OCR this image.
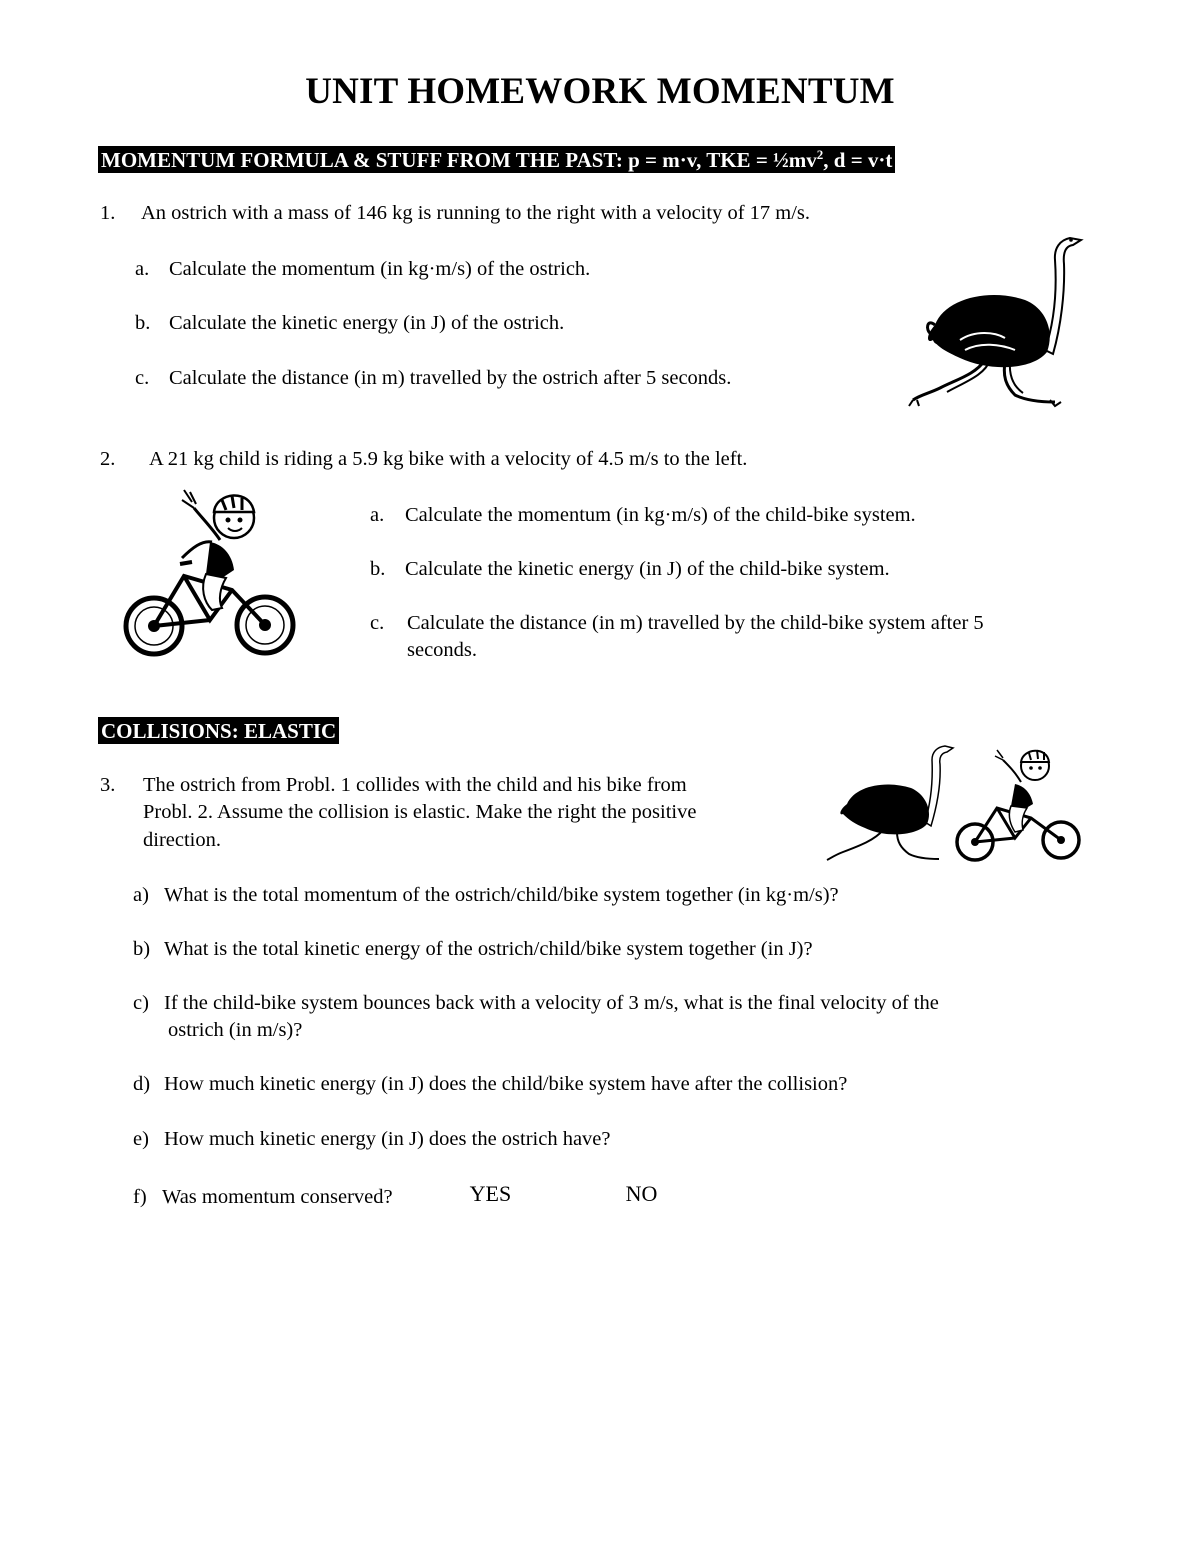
UNIT HOMEWORK MOMENTUM
MOMENTUM FORMULA & STUFF FROM THE PAST: p = m·v, TKE = $\frac{1}{2}mv^2$, d = v·t
1. An ostrich with a mass of 146 kg is running to the right with a velocity of 17 m/s.
a. Calculate the momentum (in kg·m/s) of the ostrich.
b. Calculate the kinetic energy (in J) of the ostrich.
c. Calculate the distance (in m) travelled by the ostrich after 5 seconds.
2. A 21 kg child is riding a 5.9 kg bike with a velocity of 4.5 m/s to the left.
a. Calculate the momentum (in kg·m/s) of the child-bike system.
b. Calculate the kinetic energy (in J) of the child-bike system.
c. Calculate the distance (in m) travelled by the child-bike system after 5
seconds.
COLLISIONS: ELASTIC
3. The ostrich from Probl. 1 collides with the child and his bike from
Probl. 2. Assume the collision is elastic. Make the right the positive
direction.
a) What is the total momentum of the ostrich/child/bike system together (in kg·m/s)?
b) What is the total kinetic energy of the ostrich/child/bike system together (in J)?
c) If the child-bike system bounces back with a velocity of 3 m/s, what is the final velocity of the
ostrich (in m/s)?
d) How much kinetic energy (in J) does the child/bike system have after the collision?
e) How much kinetic energy (in J) does the ostrich have?
f) Was momentum conserved? YES	NO
